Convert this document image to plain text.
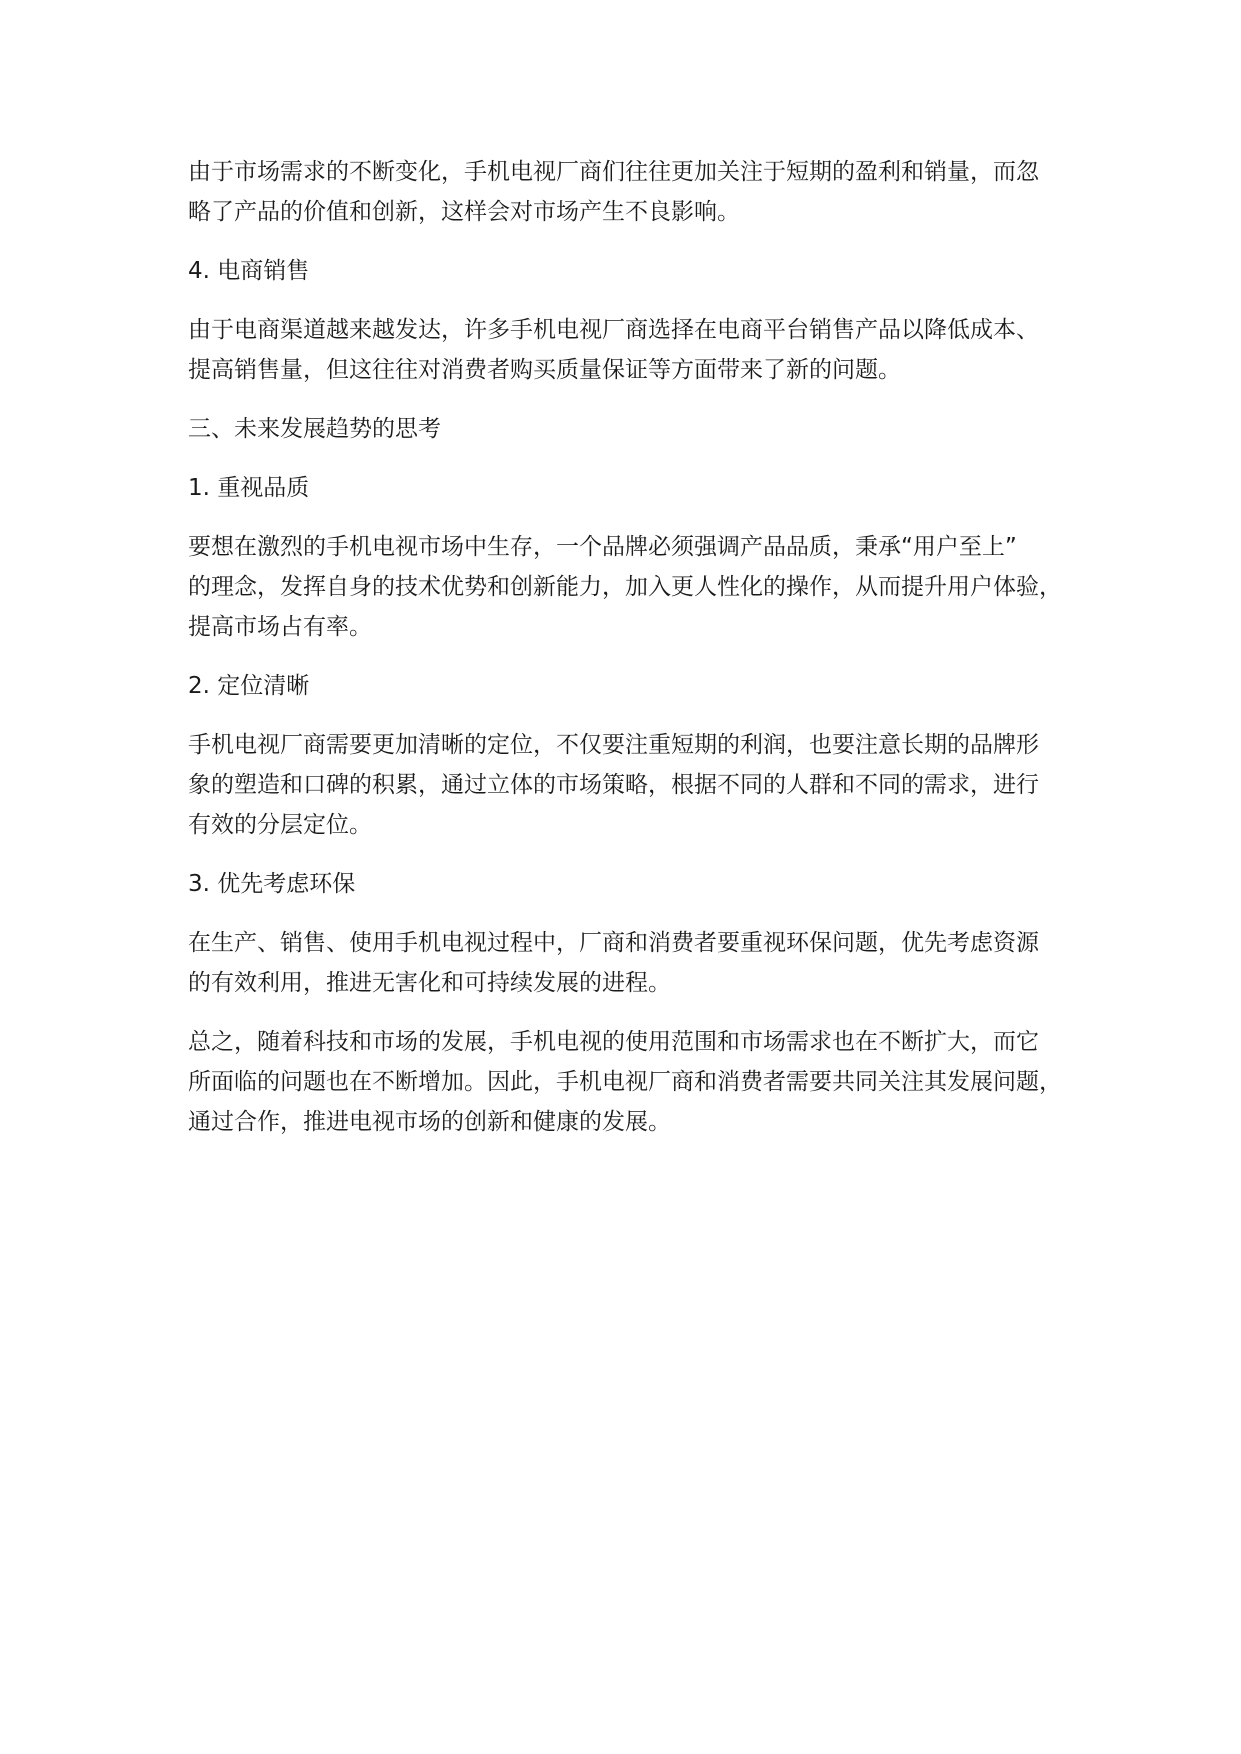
由于市场需求的不断变化，手机电视厂商们往往更加关注于短期的盈利和销量，而忽
略了产品的价值和创新，这样会对市场产生不良影响。

4. 电商销售

由于电商渠道越来越发达，许多手机电视厂商选择在电商平台销售产品以降低成本、
提高销售量，但这往往对消费者购买质量保证等方面带来了新的问题。

三、未来发展趋势的思考

1. 重视品质

要想在激烈的手机电视市场中生存，一个品牌必须强调产品品质，秉承“用户至上”
的理念，发挥自身的技术优势和创新能力，加入更人性化的操作，从而提升用户体验，
提高市场占有率。

2. 定位清晰

手机电视厂商需要更加清晰的定位，不仅要注重短期的利润，也要注意长期的品牌形
象的塑造和口碑的积累，通过立体的市场策略，根据不同的人群和不同的需求，进行
有效的分层定位。

3. 优先考虑环保

在生产、销售、使用手机电视过程中，厂商和消费者要重视环保问题，优先考虑资源
的有效利用，推进无害化和可持续发展的进程。

总之，随着科技和市场的发展，手机电视的使用范围和市场需求也在不断扩大，而它
所面临的问题也在不断增加。因此，手机电视厂商和消费者需要共同关注其发展问题，
通过合作，推进电视市场的创新和健康的发展。
